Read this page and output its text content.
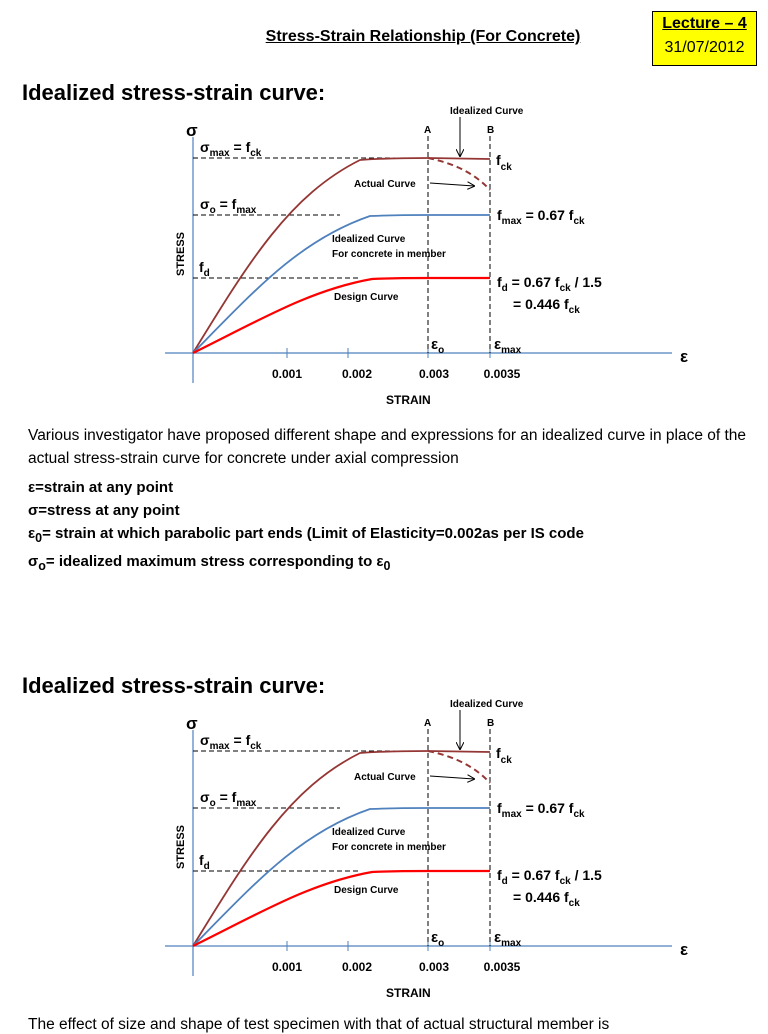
Stress-Strain Relationship (For Concrete)
Lecture – 4
31/07/2012
Idealized stress-strain curve:
Idealized stress-strain curve:
Various investigator have proposed different shape and expressions for an idealized curve in place of the actual stress-strain curve for concrete under axial compression
ε=strain at any point
σ=stress at any point
$\varepsilon_0=$ strain at which parabolic part ends (Limit of Elasticity=0.002as per IS code
$\sigma_o=$ idealized maximum stress corresponding to $\varepsilon_0$
The effect of size and shape of test specimen with that of actual structural member is
